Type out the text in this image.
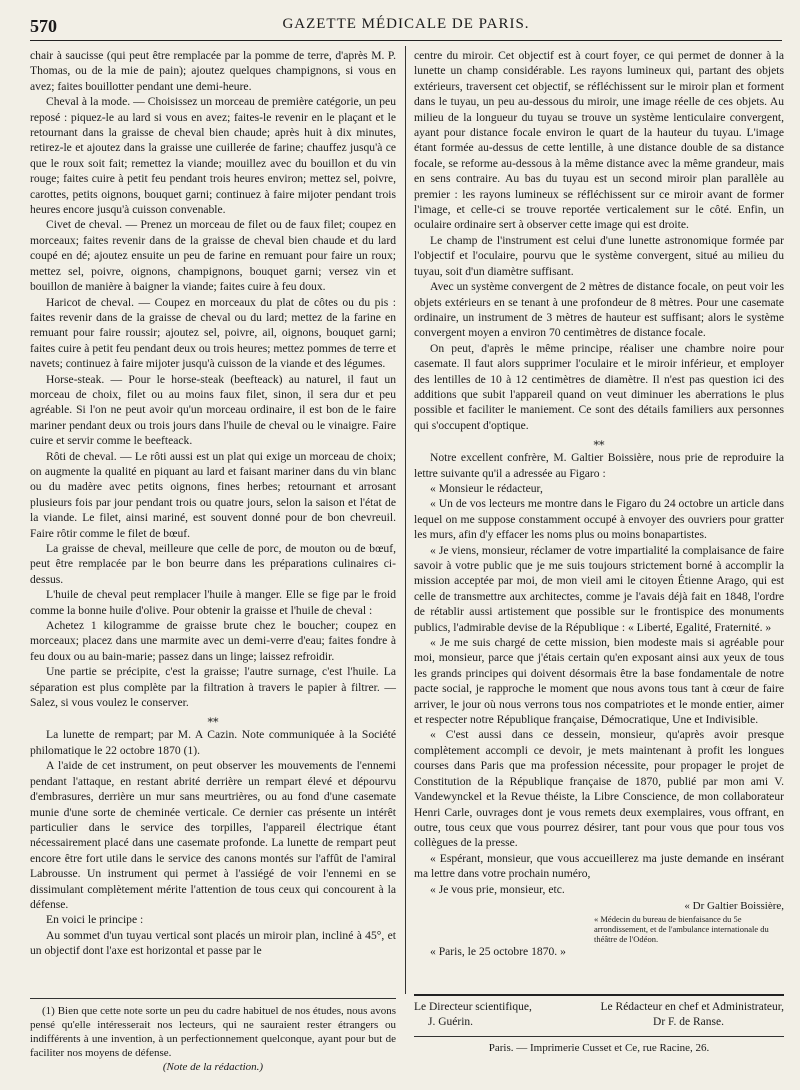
570	GAZETTE MÉDICALE DE PARIS.

chair à saucisse (qui peut être remplacée par la pomme de terre, d'après M. P. Thomas, ou de la mie de pain); ajoutez quelques champignons, si vous en avez; faites bouillotter pendant une demi-heure.

Cheval à la mode. — Choisissez un morceau de première catégorie, un peu reposé : piquez-le au lard si vous en avez; faites-le revenir en le plaçant et le retournant dans la graisse de cheval bien chaude; après huit à dix minutes, retirez-le et ajoutez dans la graisse une cuillerée de farine; chauffez jusqu'à ce que le roux soit fait; remettez la viande; mouillez avec du bouillon et du vin rouge; faites cuire à petit feu pendant trois heures environ; mettez sel, poivre, carottes, petits oignons, bouquet garni; continuez à faire mijoter pendant trois heures encore jusqu'à cuisson convenable.

Civet de cheval. — Prenez un morceau de filet ou de faux filet; coupez en morceaux; faites revenir dans de la graisse de cheval bien chaude et du lard coupé en dé; ajoutez ensuite un peu de farine en remuant pour faire un roux; mettez sel, poivre, oignons, champignons, bouquet garni; versez vin et bouillon de manière à baigner la viande; faites cuire à feu doux.

Haricot de cheval. — Coupez en morceaux du plat de côtes ou du pis : faites revenir dans de la graisse de cheval ou du lard; mettez de la farine en remuant pour faire roussir; ajoutez sel, poivre, ail, oignons, bouquet garni; faites cuire à petit feu pendant deux ou trois heures; mettez pommes de terre et navets; continuez à faire mijoter jusqu'à cuisson de la viande et des légumes.

Horse-steak. — Pour le horse-steak (beefteack) au naturel, il faut un morceau de choix, filet ou au moins faux filet, sinon, il sera dur et peu agréable. Si l'on ne peut avoir qu'un morceau ordinaire, il est bon de le faire mariner pendant deux ou trois jours dans l'huile de cheval ou le vinaigre. Faire cuire et servir comme le beefteack.

Rôti de cheval. — Le rôti aussi est un plat qui exige un morceau de choix; on augmente la qualité en piquant au lard et faisant mariner dans du vin blanc ou du madère avec petits oignons, fines herbes; retournant et arrosant plusieurs fois par jour pendant trois ou quatre jours, selon la saison et l'état de la viande. Le filet, ainsi mariné, est souvent donné pour de bon chevreuil. Faire rôtir comme le filet de bœuf.

La graisse de cheval, meilleure que celle de porc, de mouton ou de bœuf, peut être remplacée par le bon beurre dans les préparations culinaires ci-dessus.

L'huile de cheval peut remplacer l'huile à manger. Elle se fige par le froid comme la bonne huile d'olive. Pour obtenir la graisse et l'huile de cheval :

Achetez 1 kilogramme de graisse brute chez le boucher; coupez en morceaux; placez dans une marmite avec un demi-verre d'eau; faites fondre à feu doux ou au bain-marie; passez dans un linge; laissez refroidir.

Une partie se précipite, c'est la graisse; l'autre surnage, c'est l'huile. La séparation est plus complète par la filtration à travers le papier à filtrer. — Salez, si vous voulez le conserver.

⁎⁎

La lunette de rempart; par M. A Cazin. Note communiquée à la Société philomatique le 22 octobre 1870 (1).

A l'aide de cet instrument, on peut observer les mouvements de l'ennemi pendant l'attaque, en restant abrité derrière un rempart élevé et dépourvu d'embrasures, derrière un mur sans meurtrières, ou au fond d'une casemate munie d'une sorte de cheminée verticale. Ce dernier cas présente un intérêt particulier dans le service des torpilles, l'appareil électrique étant nécessairement placé dans une casemate profonde. La lunette de rempart peut encore être fort utile dans le service des canons montés sur l'affût de l'amiral Labrousse. Un instrument qui permet à l'assiégé de voir l'ennemi en se dissimulant complètement mérite l'attention de tous ceux qui concourent à la défense.

En voici le principe :

Au sommet d'un tuyau vertical sont placés un miroir plan, incliné à 45°, et un objectif dont l'axe est horizontal et passe par le

(1) Bien que cette note sorte un peu du cadre habituel de nos études, nous avons pensé qu'elle intéresserait nos lecteurs, qui ne sauraient rester étrangers ou indifférents à une invention, à un perfectionnement quelconque, ayant pour but de faciliter nos moyens de défense.

(Note de la rédaction.)

centre du miroir. Cet objectif est à court foyer, ce qui permet de donner à la lunette un champ considérable. Les rayons lumineux qui, partant des objets extérieurs, traversent cet objectif, se réfléchissent sur le miroir plan et forment dans le tuyau, un peu au-dessous du miroir, une image réelle de ces objets. Au milieu de la longueur du tuyau se trouve un système lenticulaire convergent, ayant pour distance focale environ le quart de la hauteur du tuyau. L'image étant formée au-dessus de cette lentille, à une distance double de sa distance focale, se reforme au-dessous à la même distance avec la même grandeur, mais en sens contraire. Au bas du tuyau est un second miroir plan parallèle au premier : les rayons lumineux se réfléchissent sur ce miroir avant de former l'image, et celle-ci se trouve reportée verticalement sur le côté. Enfin, un oculaire ordinaire sert à observer cette image qui est droite.

Le champ de l'instrument est celui d'une lunette astronomique formée par l'objectif et l'oculaire, pourvu que le système convergent, situé au milieu du tuyau, soit d'un diamètre suffisant.

Avec un système convergent de 2 mètres de distance focale, on peut voir les objets extérieurs en se tenant à une profondeur de 8 mètres. Pour une casemate ordinaire, un instrument de 3 mètres de hauteur est suffisant; alors le système convergent moyen a environ 70 centimètres de distance focale.

On peut, d'après le même principe, réaliser une chambre noire pour casemate. Il faut alors supprimer l'oculaire et le miroir inférieur, et employer des lentilles de 10 à 12 centimètres de diamètre. Il n'est pas question ici des additions que subit l'appareil quand on veut diminuer les aberrations le plus possible et faciliter le maniement. Ce sont des détails familiers aux personnes qui s'occupent d'optique.

⁎⁎

Notre excellent confrère, M. Galtier Boissière, nous prie de reproduire la lettre suivante qu'il a adressée au Figaro :

« Monsieur le rédacteur,

« Un de vos lecteurs me montre dans le Figaro du 24 octobre un article dans lequel on me suppose constamment occupé à envoyer des ouvriers pour gratter les murs, afin d'y effacer les noms plus ou moins bonapartistes.

« Je viens, monsieur, réclamer de votre impartialité la complaisance de faire savoir à votre public que je me suis toujours strictement borné à accomplir la mission acceptée par moi, de mon vieil ami le citoyen Étienne Arago, qui est celle de transmettre aux architectes, comme je l'avais déjà fait en 1848, l'ordre de rétablir aussi artistement que possible sur le frontispice des monuments publics, l'admirable devise de la République : « Liberté, Egalité, Fraternité. »

« Je me suis chargé de cette mission, bien modeste mais si agréable pour moi, monsieur, parce que j'étais certain qu'en exposant ainsi aux yeux de tous les grands principes qui doivent désormais être la base fondamentale de notre pacte social, je rapproche le moment que nous avons tous tant à cœur de faire arriver, le jour où nous verrons tous nos compatriotes et le monde entier, aimer et respecter notre République française, Démocratique, Une et Indivisible.

« C'est aussi dans ce dessein, monsieur, qu'après avoir presque complètement accompli ce devoir, je mets maintenant à profit les longues courses dans Paris que ma profession nécessite, pour propager le projet de Constitution de la République française de 1870, publié par mon ami V. Vandewynckel et la Revue théiste, la Libre Conscience, de mon collaborateur Henri Carle, ouvrages dont je vous remets deux exemplaires, vous offrant, en outre, tous ceux que vous pourrez désirer, tant pour vous que pour tous vos collègues de la presse.

« Espérant, monsieur, que vous accueillerez ma juste demande en insérant ma lettre dans votre prochain numéro,

« Je vous prie, monsieur, etc.

« Dr Galtier Boissière,
« Médecin du bureau de bienfaisance du 5e arrondissement, et de l'ambulance internationale du théâtre de l'Odéon.

« Paris, le 25 octobre 1870. »

Le Directeur scientifique,	Le Rédacteur en chef et Administrateur,
J. Guérin.	Dr F. de Ranse.
Paris. — Imprimerie Cusset et Ce, rue Racine, 26.
